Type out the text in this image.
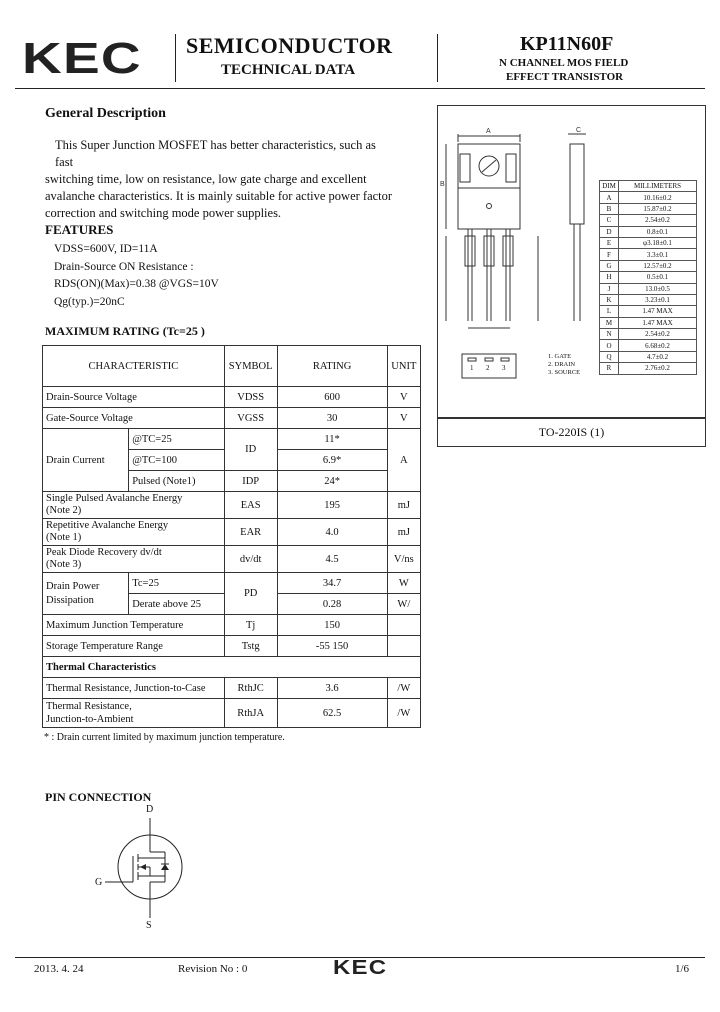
KEC SEMICONDUCTOR
TECHNICAL DATA
KP11N60F
N CHANNEL MOS FIELD
EFFECT TRANSISTOR
General Description
This Super Junction MOSFET has better characteristics, such as fast
switching time, low on resistance, low gate charge and excellent
avalanche characteristics. It is mainly suitable for active power factor
correction and switching mode power supplies.
FEATURES
VDSS=600V, ID=11A
Drain-Source ON Resistance :
RDS(ON)(Max)=0.38 @VGS=10V
Qg(typ.)=20nC
MAXIMUM RATING (Tc=25 )
CHARACTERISTIC		SYMBOL	RATING	UNIT
Drain-Source Voltage		VDSS	600	V
Gate-Source Voltage		VGSS	30	V
Drain Current	@TC=25	ID	11*	A
	@TC=100		6.9*	
	Pulsed (Note1)	IDP	24*	

Single Pulsed Avalanche Energy
(Note 2)		EAS	195	mJ

Repetitive Avalanche Energy
(Note 1)		EAR	4.0	mJ

Peak Diode Recovery dv/dt
(Note 3)		dv/dt	4.5	V/ns

Drain Power
Dissipation	Tc=25	PD	34.7	W
	Derate above 25		0.28	W/
Maximum Junction Temperature		Tj	150	
Storage Temperature Range		Tstg	-55 150	
Thermal Characteristics				
Thermal Resistance, Junction-to-Case		RthJC	3.6	/W

Thermal Resistance,
Junction-to-Ambient		RthJA	62.5	/W
* : Drain current limited by maximum junction temperature.
A
B
C
1 2 3
1. GATE
2. DRAIN
3. SOURCE
DIM	MILLIMETERS
A	10.16±0.2
B	15.87±0.2
C	2.54±0.2
D	0.8±0.1
E	φ3.18±0.1
F	3.3±0.1
G	12.57±0.2
H	0.5±0.1
J	13.0±0.5
K	3.23±0.1
L	1.47 MAX
M	1.47 MAX
N	2.54±0.2
O	6.68±0.2
Q	4.7±0.2
R	2.76±0.2
TO-220IS (1)
PIN CONNECTION
D
G
S
2013. 4. 24	Revision No : 0	KEC	1/6
